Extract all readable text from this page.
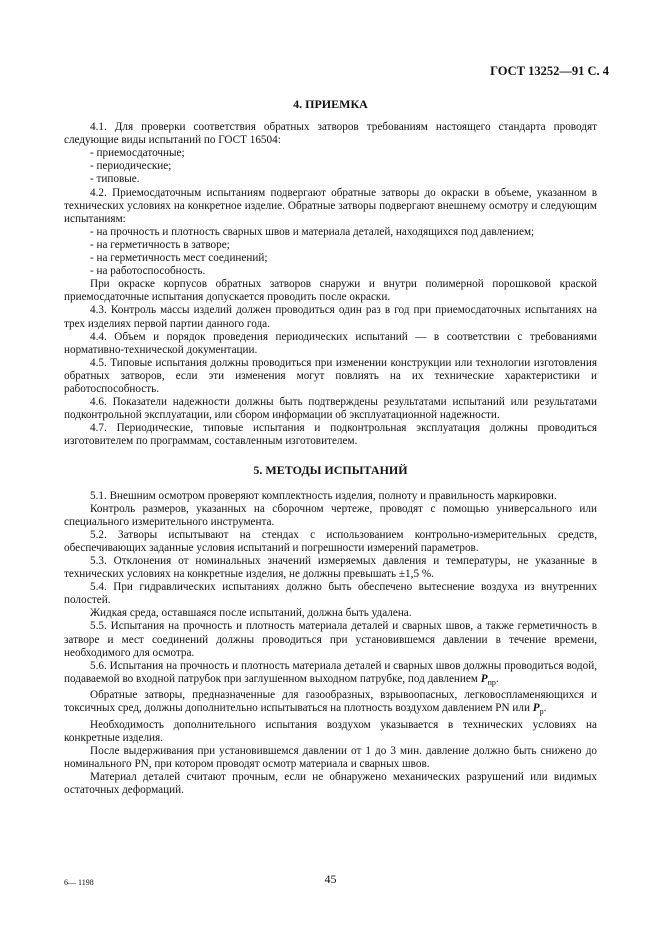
ГОСТ 13252—91 С. 4
4. ПРИЕМКА

4.1. Для проверки соответствия обратных затворов требованиям настоящего стандарта проводят следующие виды испытаний по ГОСТ 16504:

- приемосдаточные;

- периодические;

- типовые.

4.2. Приемосдаточным испытаниям подвергают обратные затворы до окраски в объеме, указанном в технических условиях на конкретное изделие. Обратные затворы подвергают внешнему осмотру и следующим испытаниям:

- на прочность и плотность сварных швов и материала деталей, находящихся под давлением;

- на герметичность в затворе;

- на герметичность мест соединений;

- на работоспособность.

При окраске корпусов обратных затворов снаружи и внутри полимерной порошковой краской приемосдаточные испытания допускается проводить после окраски.

4.3. Контроль массы изделий должен проводиться один раз в год при приемосдаточных испытаниях на трех изделиях первой партии данного года.

4.4. Объем и порядок проведения периодических испытаний — в соответствии с требованиями нормативно-технической документации.

4.5. Типовые испытания должны проводиться при изменении конструкции или технологии изготовления обратных затворов, если эти изменения могут повлиять на их технические характеристики и работоспособность.

4.6. Показатели надежности должны быть подтверждены результатами испытаний или результатами подконтрольной эксплуатации, или сбором информации об эксплуатационной надежности.

4.7. Периодические, типовые испытания и подконтрольная эксплуатация должны проводиться изготовителем по программам, составленным изготовителем.

5. МЕТОДЫ ИСПЫТАНИЙ

5.1. Внешним осмотром проверяют комплектность изделия, полноту и правильность маркировки.

Контроль размеров, указанных на сборочном чертеже, проводят с помощью универсального или специального измерительного инструмента.

5.2. Затворы испытывают на стендах с использованием контрольно-измерительных средств, обеспечивающих заданные условия испытаний и погрешности измерений параметров.

5.3. Отклонения от номинальных значений измеряемых давления и температуры, не указанные в технических условиях на конкретные изделия, не должны превышать ±1,5 %.

5.4. При гидравлических испытаниях должно быть обеспечено вытеснение воздуха из внутренних полостей.

Жидкая среда, оставшаяся после испытаний, должна быть удалена.

5.5. Испытания на прочность и плотность материала деталей и сварных швов, а также герметичность в затворе и мест соединений должны проводиться при установившемся давлении в течение времени, необходимого для осмотра.

5.6. Испытания на прочность и плотность материала деталей и сварных швов должны проводиться водой, подаваемой во входной патрубок при заглушенном выходном патрубке, под давлением $P_{пр}$.

Обратные затворы, предназначенные для газообразных, взрывоопасных, легковоспламеняющихся и токсичных сред, должны дополнительно испытываться на плотность воздухом давлением PN или $P_р$.

Необходимость дополнительного испытания воздухом указывается в технических условиях на конкретные изделия.

После выдерживания при установившемся давлении от 1 до 3 мин. давление должно быть снижено до номинального PN, при котором проводят осмотр материала и сварных швов.

Материал деталей считают прочным, если не обнаружено механических разрушений или видимых остаточных деформаций.

6— 1198	45
